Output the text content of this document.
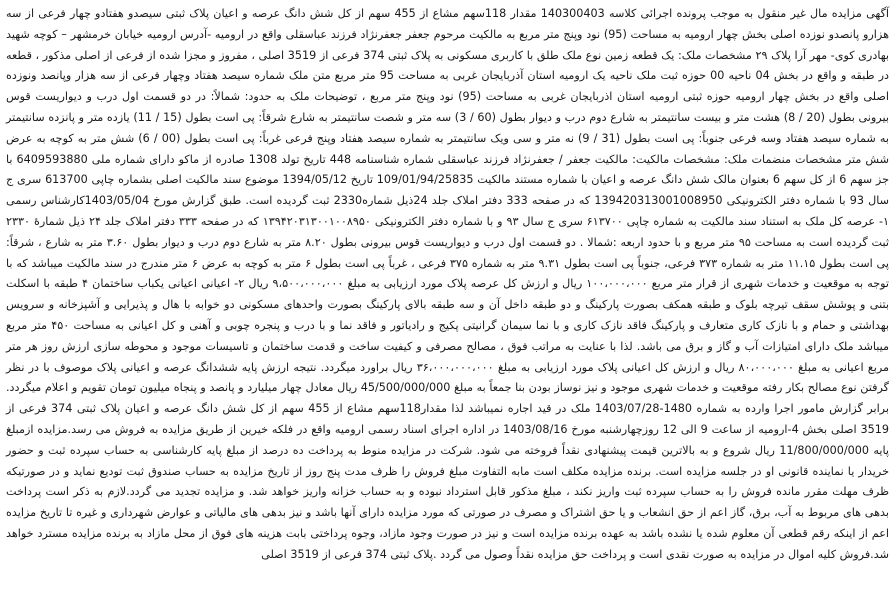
آگهی مزایده مال غیر منقول به موجب پرونده اجرائی کلاسه 140300403 مقدار 118سهم مشاع از 455 سهم از کل شش دانگ عرصه و اعیان پلاک ثبتی سیصدو هفتادو چهار فرعی از سه هزارو پانصدو نوزده اصلی بخش چهار ارومیه به مساحت (95) نود وپنج متر مربع به مالکیت مرحوم جعفر جعفرنژاد فرزند عباسقلی واقع در ارومیه -آدرس ارومیه خیابان خرمشهر – کوچه شهید بهادری کوی- مهر آرا پلاک ۲۹ مشخصات ملک: یک قطعه زمین نوع ملک طلق با کاربری مسکونی به پلاک ثبتی 374 فرعی از 3519 اصلی ، مفروز و مجزا شده از فرعی از اصلی مذکور ، قطعه در طبقه و واقع در بخش 04 ناحیه 00 حوزه ثبت ملک ناحیه یک ارومیه استان آذربایجان غربی به مساحت 95 متر مربع متن ملک شماره سیصد هفتاد وچهار فرعی از سه هزار وپانصد ونوزده اصلی واقع در بخش چهار ارومیه حوزه ثبتی ارومیه استان اذربایجان غربی به مساحت (95) نود وپنج متر مربع ، توضیحات ملک به حدود: شمالاً: در دو قسمت اول درب و دیواریست قوس بیرونی بطول (20 / 8) هشت متر و بیست سانتیمتر به شارع دوم درب و دیوار بطول (60 / 3) سه متر و شصت سانتیمتر به شارع شرقاً: پی است بطول (15 / 11) یازده متر و پانزده سانتیمتر به شماره سیصد هفتاد وسه فرعی جنوباً: پی است بطول (31 / 9) نه متر و سی ویک سانتیمتر به شماره سیصد هفتاد وپنج فرعی غرباً: پی است بطول (00 / 6) شش متر به کوچه به عرض شش متر مشخصات منضمات ملک: مشخصات مالکیت: مالکیت جعفر / جعفرنژاد فرزند عباسقلی شماره شناسنامه 448 تاریخ تولد 1308 صادره از ماکو دارای شماره ملی 6409593880 با جز سهم 6 از کل سهم 6 بعنوان مالک شش دانگ عرصه و اعیان با شماره مستند مالکیت 109/01/94/25835 تاریخ 1394/05/12 موضوع سند مالکیت اصلی بشماره چاپی 613700 سری ج سال 93 با شماره دفتر الکترونیکی 139420313001008950 که در صفحه 333 دفتر املاک جلد 24ذیل شماره2330 ثبت گردیده است. طبق گزارش مورخ 1403/05/04کارشناس رسمی ۱- عرصه کل ملک به استناد سند مالکیت به شماره چاپی ۶۱۳۷۰۰ سری ج سال ۹۳ و با شماره دفتر الکترونیکی ۱۳۹۴۲۰۳۱۳۰۰۱۰۰۸۹۵۰ که در صفحه ۳۳۳ دفتر املاک جلد ۲۴ ذیل شمارهٔ ۲۳۳۰ ثبت گردیده است به مساحت ۹۵ متر مربع و با حدود اربعه :شمالا . دو قسمت اول درب و دیواریست قوس بیرونی بطول ۸.۲۰ متر به شارع دوم درب و دیوار بطول ۳.۶۰ متر به شارع ، شرقاً: پی است بطول ۱۱.۱۵ متر به شماره ۳۷۳ فرعی، جنوباً پی است بطول ۹.۳۱ متر به شماره ۳۷۵ فرعی ، غرباً پی است بطول ۶ متر به کوچه به عرض ۶ متر مندرج در سند مالکیت میباشد که با توجه به موقعیت و خدمات شهری از قرار متر مربع ۱۰۰،۰۰۰،۰۰۰ ریال و ارزش کل عرصه پلاک مورد ارزیابی به مبلغ ۹،۵۰۰،۰۰۰،۰۰۰ ریال ۲- اعیانی اعیانی یکباب ساختمان ۴ طبقه با اسکلت بتنی و پوشش سقف تیرچه بلوک و طبقه همکف بصورت پارکینگ و دو طبقه داخل آن و سه طبقه بالای پارکینگ بصورت واحدهای مسکونی دو خوابه با هال و پذیرایی و آشپزخانه و سرویس بهداشتی و حمام و با نازک کاری متعارف و پارکینگ فاقد نازک کاری و با نما سیمان گرانیتی پکیج و رادیاتور و فاقد نما و با درب و پنجره چوبی و آهنی و کل اعیانی به مساحت ۴۵۰ متر مربع میباشد ملک دارای امتیازات آب و گاز و برق می باشد. لذا با عنایت به مراتب فوق ، مصالح مصرفی و کیفیت ساخت و قدمت ساختمان و تاسیسات موجود و محوطه سازی ارزش روز هر متر مربع اعیانی به مبلغ ۸۰،۰۰۰،۰۰۰ ریال و ارزش کل اعیانی پلاک مورد ارزیابی به مبلغ ۳۶،۰۰۰،۰۰۰،۰۰۰ ریال براورد میگردد. نتیجه ارزش پایه ششدانگ عرصه و اعیانی پلاک موصوف با در نظر گرفتن نوع مصالح بکار رفته موقعیت و خدمات شهری موجود و نیز نوساز بودن بنا جمعاً به مبلغ 45/500/000/000 ریال معادل چهار میلیارد و پانصد و پنجاه میلیون تومان تقویم و اعلام میگردد. برابر گزارش مامور اجرا وارده به شماره 1480-1403/07/28 ملک در قید اجاره نمیباشد لذا مقدار118سهم مشاع از 455 سهم از کل شش دانگ عرصه و اعیان پلاک ثبتی 374 فرعی از 3519 اصلی بخش 4-ارومیه از ساعت 9 الی 12 روزچهارشنبه مورخ 1403/08/16 در اداره اجرای اسناد رسمی ارومیه واقع در فلکه خیرین از طریق مزایده به فروش می رسد.مزایده ازمبلغ پایه 11/800/000/000 ریال شروع و به بالاترین قیمت پیشنهادی نقداً فروخته می شود. شرکت در مزایده منوط به پرداخت ده درصد از مبلغ پایه کارشناسی به حساب سپرده ثبت و حضور خریدار یا نماینده قانونی او در جلسه مزایده است. برنده مزایده مکلف است مابه التفاوت مبلغ فروش را ظرف مدت پنج روز از تاریخ مزایده به حساب صندوق ثبت تودیع نماید و در صورتیکه ظرف مهلت مقرر مانده فروش را به حساب سپرده ثبت واریز نکند ، مبلغ مذکور قابل استرداد نبوده و به حساب خزانه واریز خواهد شد. و مزایده تجدید می گردد.لازم به ذکر است پرداخت بدهی های مربوط به آب، برق، گاز اعم از حق انشعاب و یا حق اشتراک و مصرف در صورتی که مورد مزایده دارای آنها باشد و نیز بدهی های مالیاتی و عوارض شهرداری و غیره تا تاریخ مزایده اعم از اینکه رقم قطعی آن معلوم شده یا نشده باشد به عهده برنده مزایده است و نیز در صورت وجود مازاد، وجوه پرداختی بابت هزینه های فوق از محل مازاد به برنده مزایده مسترد خواهد شد.فروش کلیه اموال در مزایده به صورت نقدی است و پرداخت حق مزایده نقداً وصول می گردد .پلاک ثبتی 374 فرعی از 3519 اصلی
